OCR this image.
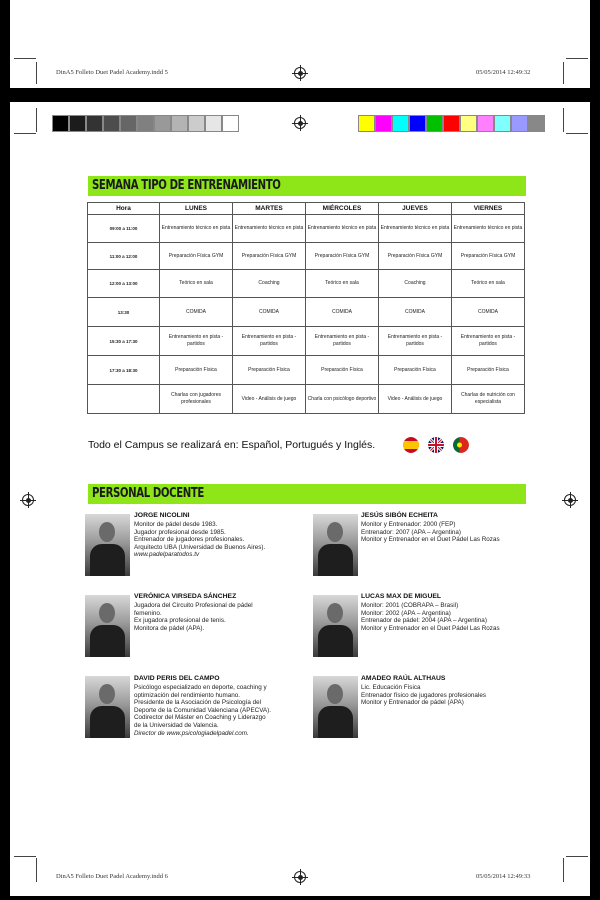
DinA5 Folleto Duet Padel Academy.indd 5	05/05/2014 12:49:32
DinA5 Folleto Duet Padel Academy.indd 6	05/05/2014 12:49:33
SEMANA TIPO DE ENTRENAMIENTO
Hora	LUNES	MARTES	MIÉRCOLES	JUEVES	VIERNES
09:00 a 11:00	Entrenamiento técnico en pista	Entrenamiento técnico en pista	Entrenamiento técnico en pista	Entrenamiento técnico en pista	Entrenamiento técnico en pista
11:00 a 12:00	Preparación Física GYM	Preparación Física GYM	Preparación Física GYM	Preparación Física GYM	Preparación Física GYM
12:00 a 13:00	Teórico en sala	Coaching	Teórico en sala	Coaching	Teórico en sala
13:30	COMIDA	COMIDA	COMIDA	COMIDA	COMIDA
15:30 a 17:30	Entrenamiento en pista - partidos	Entrenamiento en pista - partidos	Entrenamiento en pista - partidos	Entrenamiento en pista - partidos	Entrenamiento en pista - partidos
17:30 a 18:30	Preparación Física	Preparación Física	Preparación Física	Preparación Física	Preparación Física
	Charlas con jugadores profesionales	Video - Análisis de juego	Charla con psicólogo deportivo	Video - Análisis de juego	Charlas de nutrición con especialista
Todo el Campus se realizará en: Español, Portugués y Inglés.
PERSONAL DOCENTE
JORGE NICOLINI
Monitor de pádel desde 1983.
Jugador profesional desde 1985.
Entrenador de jugadores profesionales.
Arquitecto UBA (Universidad de Buenos Aires).
www.padelparatodos.tv
JESÚS SIBÓN ECHEITA
Monitor y Entrenador: 2000 (FEP)
Entrenador: 2007 (APA – Argentina)
Monitor y Entrenador en el Duet Pádel Las Rozas
VERÓNICA VIRSEDA SÁNCHEZ
Jugadora del Circuito Profesional de pádel
femenino.
Ex jugadora profesional de tenis.
Monitora de pádel (APA).
LUCAS MAX DE MIGUEL
Monitor: 2001 (COBRAPA – Brasil)
Monitor: 2002 (APA – Argentina)
Entrenador de pádel: 2004 (APA – Argentina)
Monitor y Entrenador en el Duet Pádel Las Rozas
DAVID PERIS DEL CAMPO
Psicólogo especializado en deporte, coaching y
optimización del rendimiento humano.
Presidente de la Asociación de Psicología del
Deporte de la Comunidad Valenciana (APECVA).
Codirector del Máster en Coaching y Liderazgo
de la Universidad de Valencia.
Director de www.psicologiadelpadel.com.
AMADEO RAÚL ALTHAUS
Lic. Educación Física
Entrenador físico de jugadores profesionales
Monitor y Entrenador de pádel (APA)
